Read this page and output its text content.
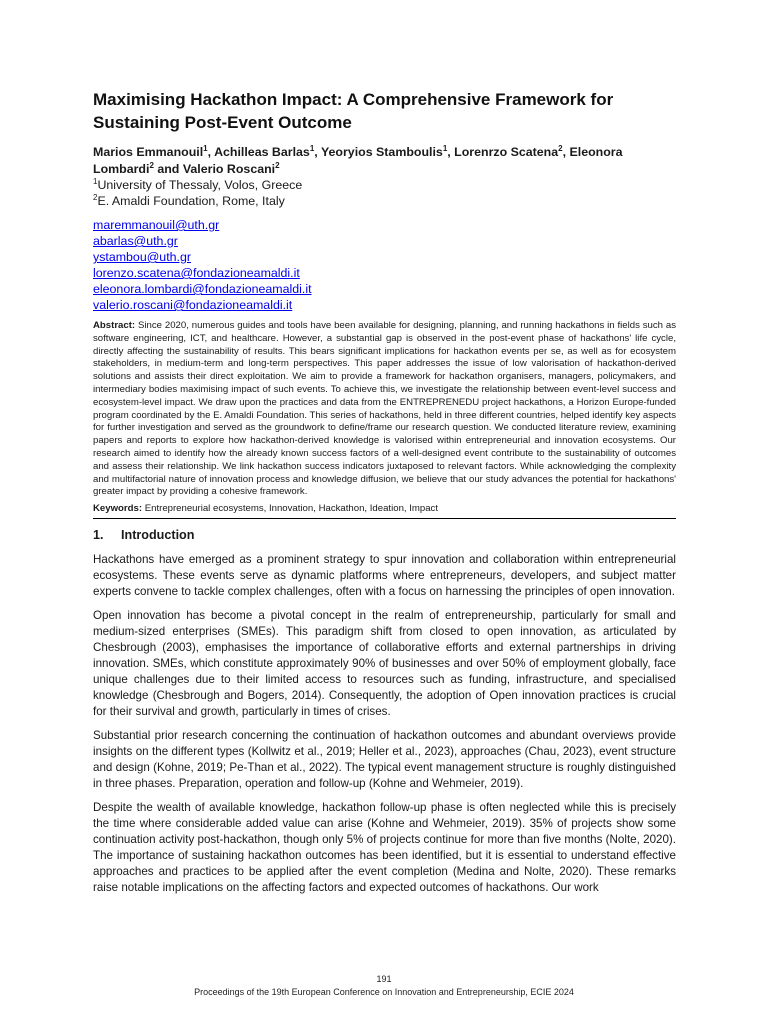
Maximising Hackathon Impact: A Comprehensive Framework for Sustaining Post-Event Outcome

Marios Emmanouil$^1$, Achilleas Barlas$^1$, Yeoryios Stamboulis$^1$, Lorenrzo Scatena$^2$, Eleonora Lombardi$^2$ and Valerio Roscani$^2$

$^1$University of Thessaly, Volos, Greece

$^2$E. Amaldi Foundation, Rome, Italy

maremmanouil@uth.gr
abarlas@uth.gr
ystambou@uth.gr
lorenzo.scatena@fondazioneamaldi.it
eleonora.lombardi@fondazioneamaldi.it
valerio.roscani@fondazioneamaldi.it

Abstract: Since 2020, numerous guides and tools have been available for designing, planning, and running hackathons in fields such as software engineering, ICT, and healthcare. However, a substantial gap is observed in the post-event phase of hackathons' life cycle, directly affecting the sustainability of results. This bears significant implications for hackathon events per se, as well as for ecosystem stakeholders, in medium-term and long-term perspectives. This paper addresses the issue of low valorisation of hackathon-derived solutions and assists their direct exploitation. We aim to provide a framework for hackathon organisers, managers, policymakers, and intermediary bodies maximising impact of such events. To achieve this, we investigate the relationship between event-level success and ecosystem-level impact. We draw upon the practices and data from the ENTREPRENEDU project hackathons, a Horizon Europe-funded program coordinated by the E. Amaldi Foundation. This series of hackathons, held in three different countries, helped identify key aspects for further investigation and served as the groundwork to define/frame our research question. We conducted literature review, examining papers and reports to explore how hackathon-derived knowledge is valorised within entrepreneurial and innovation ecosystems. Our research aimed to identify how the already known success factors of a well-designed event contribute to the sustainability of outcomes and assess their relationship. We link hackathon success indicators juxtaposed to relevant factors. While acknowledging the complexity and multifactorial nature of innovation process and knowledge diffusion, we believe that our study advances the potential for hackathons' greater impact by providing a cohesive framework.

Keywords: Entrepreneurial ecosystems, Innovation, Hackathon, Ideation, Impact

1. Introduction

Hackathons have emerged as a prominent strategy to spur innovation and collaboration within entrepreneurial ecosystems. These events serve as dynamic platforms where entrepreneurs, developers, and subject matter experts convene to tackle complex challenges, often with a focus on harnessing the principles of open innovation.

Open innovation has become a pivotal concept in the realm of entrepreneurship, particularly for small and medium-sized enterprises (SMEs). This paradigm shift from closed to open innovation, as articulated by Chesbrough (2003), emphasises the importance of collaborative efforts and external partnerships in driving innovation. SMEs, which constitute approximately 90% of businesses and over 50% of employment globally, face unique challenges due to their limited access to resources such as funding, infrastructure, and specialised knowledge (Chesbrough and Bogers, 2014). Consequently, the adoption of Open innovation practices is crucial for their survival and growth, particularly in times of crises.

Substantial prior research concerning the continuation of hackathon outcomes and abundant overviews provide insights on the different types (Kollwitz et al., 2019; Heller et al., 2023), approaches (Chau, 2023), event structure and design (Kohne, 2019; Pe-Than et al., 2022). The typical event management structure is roughly distinguished in three phases. Preparation, operation and follow-up (Kohne and Wehmeier, 2019).

Despite the wealth of available knowledge, hackathon follow-up phase is often neglected while this is precisely the time where considerable added value can arise (Kohne and Wehmeier, 2019). 35% of projects show some continuation activity post-hackathon, though only 5% of projects continue for more than five months (Nolte, 2020). The importance of sustaining hackathon outcomes has been identified, but it is essential to understand effective approaches and practices to be applied after the event completion (Medina and Nolte, 2020). These remarks raise notable implications on the affecting factors and expected outcomes of hackathons. Our work

191
Proceedings of the 19th European Conference on Innovation and Entrepreneurship, ECIE 2024
